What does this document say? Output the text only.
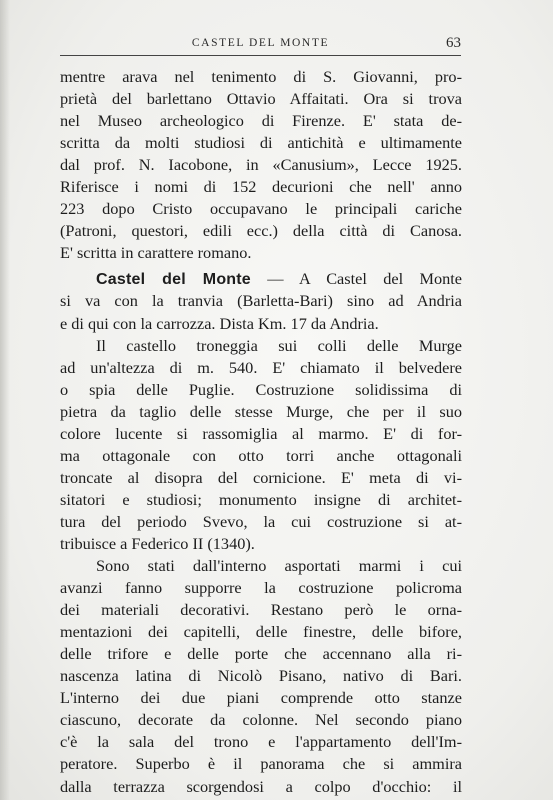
CASTEL DEL MONTE	63
mentre arava nel tenimento di S. Giovanni, pro-
prietà del barlettano Ottavio Affaitati. Ora si trova
nel Museo archeologico di Firenze. E' stata de-
scritta da molti studiosi di antichità e ultimamente
dal prof. N. Iacobone, in «Canusium», Lecce 1925.
Riferisce i nomi di 152 decurioni che nell' anno
223 dopo Cristo occupavano le principali cariche
(Patroni, questori, edili ecc.) della città di Canosa.
E' scritta in carattere romano.
Castel del Monte — A Castel del Monte
si va con la tranvia (Barletta-Bari) sino ad Andria
e di qui con la carrozza. Dista Km. 17 da Andria.
Il castello troneggia sui colli delle Murge
ad un'altezza di m. 540. E' chiamato il belvedere
o spia delle Puglie. Costruzione solidissima di
pietra da taglio delle stesse Murge, che per il suo
colore lucente si rassomiglia al marmo. E' di for-
ma ottagonale con otto torri anche ottagonali
troncate al disopra del cornicione. E' meta di vi-
sitatori e studiosi; monumento insigne di architet-
tura del periodo Svevo, la cui costruzione si at-
tribuisce a Federico II (1340).
Sono stati dall'interno asportati marmi i cui
avanzi fanno supporre la costruzione policroma
dei materiali decorativi. Restano però le orna-
mentazioni dei capitelli, delle finestre, delle bifore,
delle trifore e delle porte che accennano alla ri-
nascenza latina di Nicolò Pisano, nativo di Bari.
L'interno dei due piani comprende otto stanze
ciascuno, decorate da colonne. Nel secondo piano
c'è la sala del trono e l'appartamento dell'Im-
peratore. Superbo è il panorama che si ammira
dalla terrazza scorgendosi a colpo d'occhio: il
